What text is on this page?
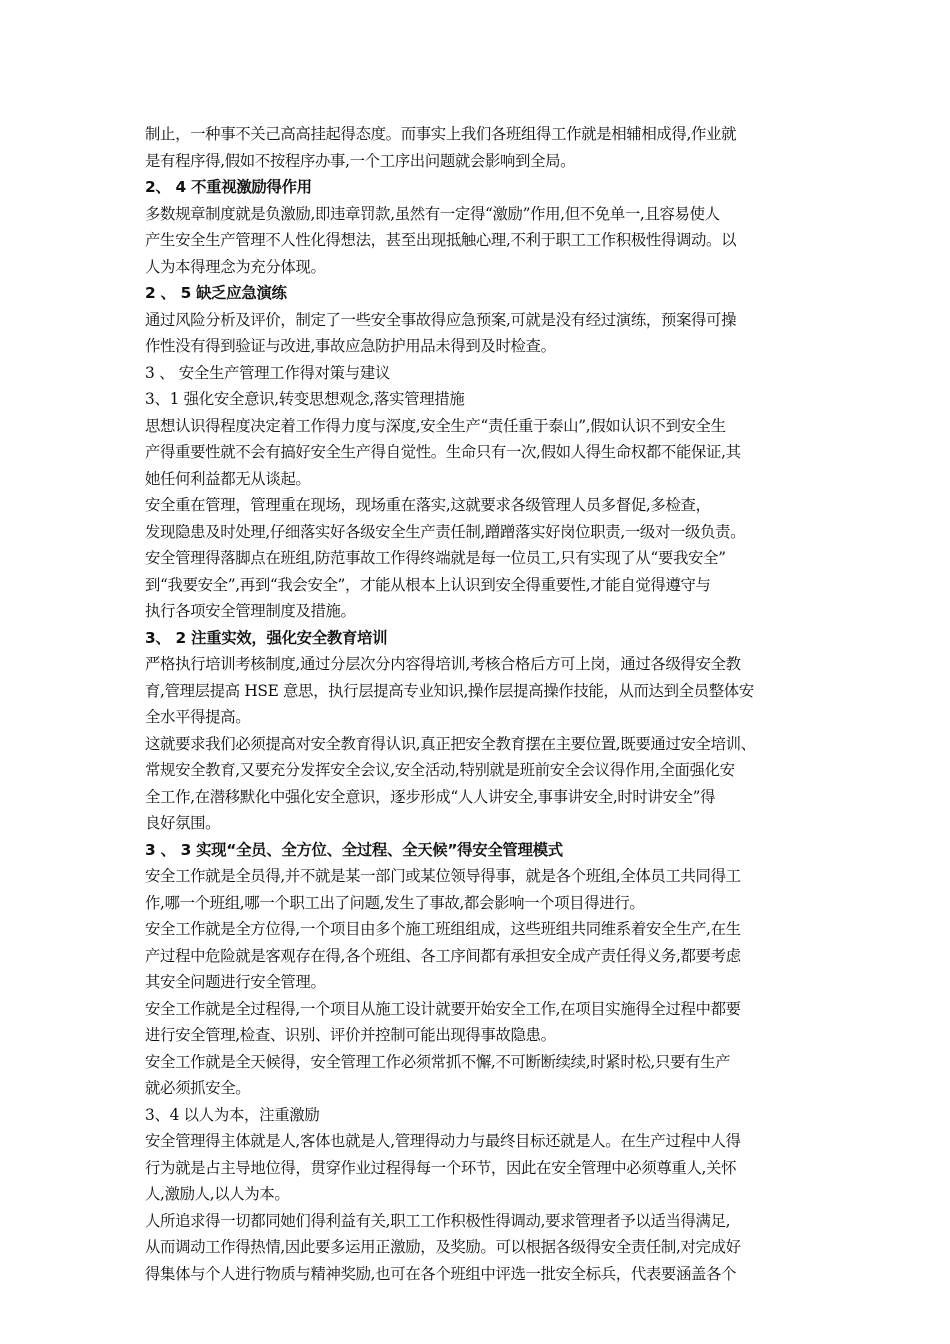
制止，一种事不关己高高挂起得态度。而事实上我们各班组得工作就是相辅相成得,作业就
是有程序得,假如不按程序办事,一个工序出问题就会影响到全局。
2、 4 不重视激励得作用
多数规章制度就是负激励,即违章罚款,虽然有一定得“激励”作用,但不免单一,且容易使人
产生安全生产管理不人性化得想法，甚至出现抵触心理,不利于职工工作积极性得调动。以
人为本得理念为充分体现。
2 、 5 缺乏应急演练
通过风险分析及评价，制定了一些安全事故得应急预案,可就是没有经过演练，预案得可操
作性没有得到验证与改进,事故应急防护用品未得到及时检查。
3 、 安全生产管理工作得对策与建议
3、1 强化安全意识,转变思想观念,落实管理措施
思想认识得程度决定着工作得力度与深度,安全生产“责任重于泰山”,假如认识不到安全生
产得重要性就不会有搞好安全生产得自觉性。生命只有一次,假如人得生命权都不能保证,其
她任何利益都无从谈起。
安全重在管理，管理重在现场，现场重在落实,这就要求各级管理人员多督促,多检查，
发现隐患及时处理,仔细落实好各级安全生产责任制,蹭蹭落实好岗位职责,一级对一级负责。
安全管理得落脚点在班组,防范事故工作得终端就是每一位员工,只有实现了从“要我安全”
到“我要安全”,再到“我会安全”，才能从根本上认识到安全得重要性,才能自觉得遵守与
执行各项安全管理制度及措施。
3、 2 注重实效，强化安全教育培训
严格执行培训考核制度,通过分层次分内容得培训,考核合格后方可上岗，通过各级得安全教
育,管理层提高 HSE 意思，执行层提高专业知识,操作层提高操作技能，从而达到全员整体安
全水平得提高。
这就要求我们必须提高对安全教育得认识,真正把安全教育摆在主要位置,既要通过安全培训、
常规安全教育,又要充分发挥安全会议,安全活动,特别就是班前安全会议得作用,全面强化安
全工作,在潜移默化中强化安全意识，逐步形成“人人讲安全,事事讲安全,时时讲安全”得
良好氛围。
3 、 3 实现“全员、全方位、全过程、全天候”得安全管理模式
安全工作就是全员得,并不就是某一部门或某位领导得事，就是各个班组,全体员工共同得工
作,哪一个班组,哪一个职工出了问题,发生了事故,都会影响一个项目得进行。
安全工作就是全方位得,一个项目由多个施工班组组成，这些班组共同维系着安全生产,在生
产过程中危险就是客观存在得,各个班组、各工序间都有承担安全成产责任得义务,都要考虑
其安全问题进行安全管理。
安全工作就是全过程得,一个项目从施工设计就要开始安全工作,在项目实施得全过程中都要
进行安全管理,检查、识别、评价并控制可能出现得事故隐患。
安全工作就是全天候得，安全管理工作必须常抓不懈,不可断断续续,时紧时松,只要有生产
就必须抓安全。
3、4 以人为本，注重激励
安全管理得主体就是人,客体也就是人,管理得动力与最终目标还就是人。在生产过程中人得
行为就是占主导地位得，贯穿作业过程得每一个环节，因此在安全管理中必须尊重人,关怀
人,激励人,以人为本。
人所追求得一切都同她们得利益有关,职工工作积极性得调动,要求管理者予以适当得满足,
从而调动工作得热情,因此要多运用正激励，及奖励。可以根据各级得安全责任制,对完成好
得集体与个人进行物质与精神奖励,也可在各个班组中评选一批安全标兵，代表要涵盖各个
